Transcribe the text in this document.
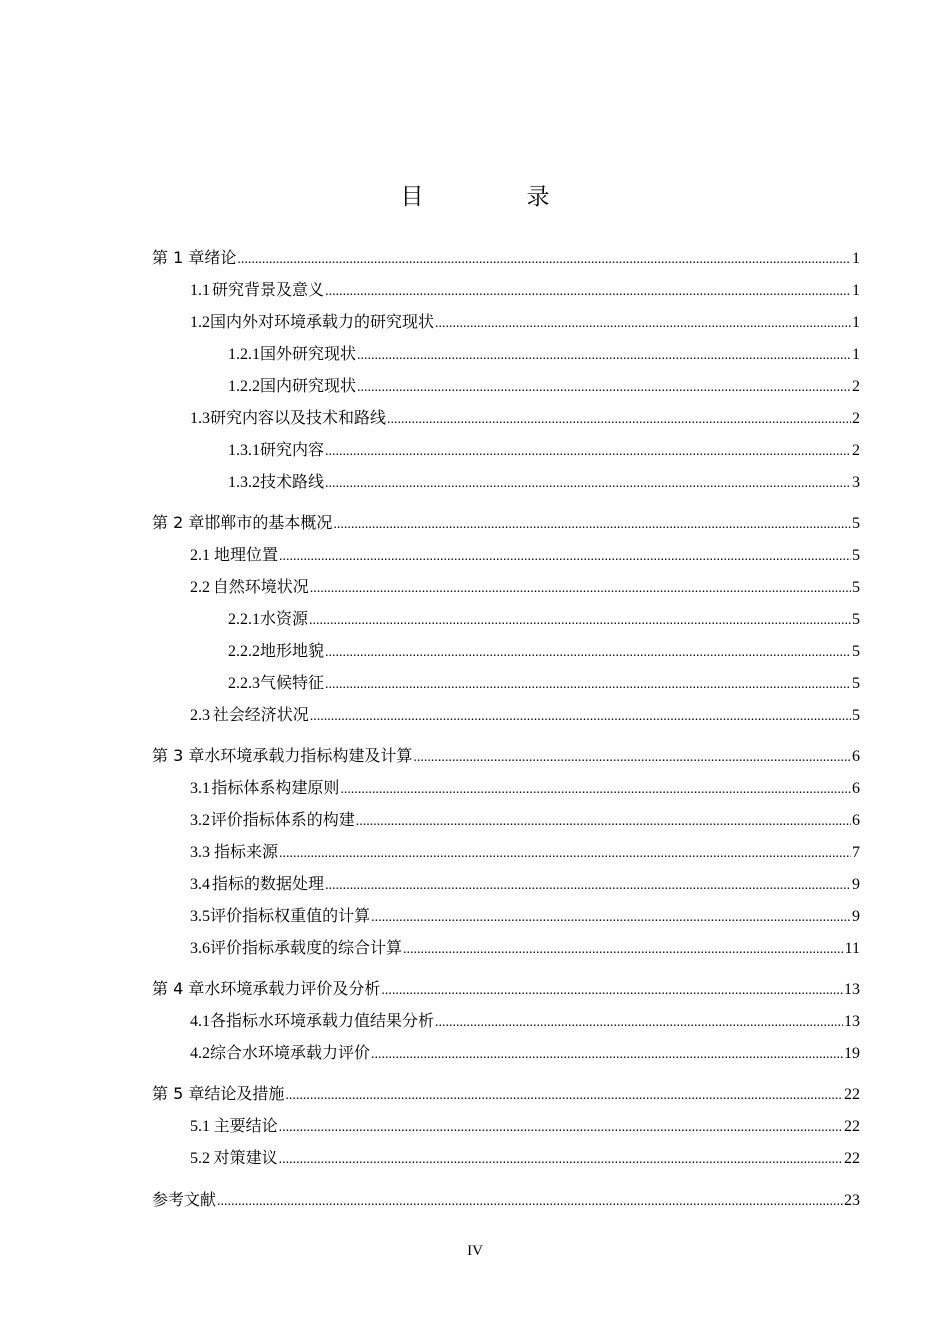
目　录
第 1 章 绪论 .....	1
1.1 研究背景及意义 .....	1
1.2 国内外对环境承载力的研究现状 .....	1
1.2.1 国外研究现状 .....	1
1.2.2 国内研究现状 .....	2
1.3 研究内容以及技术和路线 .....	2
1.3.1 研究内容 .....	2
1.3.2 技术路线 .....	3
第 2 章 邯郸市的基本概况 .....	5
2.1 地理位置 .....	5
2.2 自然环境状况 .....	5
2.2.1 水资源 .....	5
2.2.2 地形地貌 .....	5
2.2.3 气候特征 .....	5
2.3 社会经济状况 .....	5
第 3 章 水环境承载力指标构建及计算 .....	6
3.1 指标体系构建原则 .....	6
3.2 评价指标体系的构建 .....	6
3.3 指标来源 .....	7
3.4 指标的数据处理 .....	9
3.5 评价指标权重值的计算 .....	9
3.6 评价指标承载度的综合计算 .....	11
第 4 章 水环境承载力评价及分析 .....	13
4.1 各指标水环境承载力值结果分析 .....	13
4.2 综合水环境承载力评价 .....	19
第 5 章 结论及措施 .....	22
5.1 主要结论 .....	22
5.2 对策建议 .....	22
参考文献 .....	23
IV
